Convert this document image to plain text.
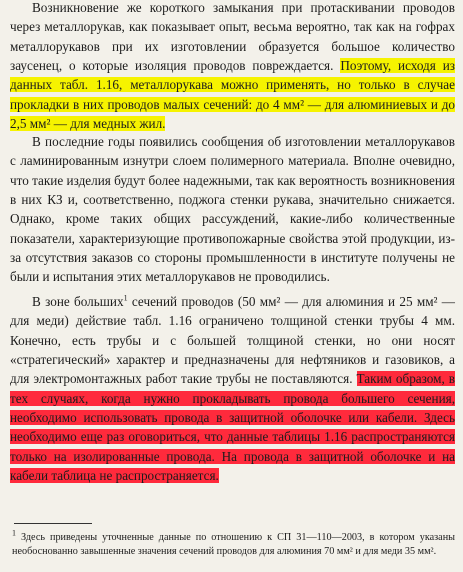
Возникновение же короткого замыкания при протаскивании проводов через металлорукав, как показывает опыт, весьма вероятно, так как на гофрах металлорукавов при их изготовлении образуется большое количество заусенец, о которые изоляция проводов повреждается. Поэтому, исходя из данных табл. 1.16, металлорукава можно применять, но только в случае прокладки в них проводов малых сечений: до 4 мм² — для алюминиевых и до 2,5 мм² — для медных жил.

В последние годы появились сообщения об изготовлении металлорукавов с ламинированным изнутри слоем полимерного материала. Вполне очевидно, что такие изделия будут более надежными, так как вероятность возникновения в них КЗ и, соответственно, поджога стенки рукава, значительно снижается. Однако, кроме таких общих рассуждений, какие-либо количественные показатели, характеризующие противопожарные свойства этой продукции, из-за отсутствия заказов со стороны промышленности в институте получены не были и испытания этих металлорукавов не проводились.

В зоне больших$^1$ сечений проводов (50 мм² — для алюминия и 25 мм² — для меди) действие табл. 1.16 ограничено толщиной стенки трубы 4 мм. Конечно, есть трубы и с большей толщиной стенки, но они носят «стратегический» характер и предназначены для нефтяников и газовиков, а для электромонтажных работ такие трубы не поставляются. Таким образом, в тех случаях, когда нужно прокладывать провода большего сечения, необходимо использовать провода в защитной оболочке или кабели. Здесь необходимо еще раз оговориться, что данные таблицы 1.16 распространяются только на изолированные провода. На провода в защитной оболочке и на кабели таблица не распространяется.

$^1$ Здесь приведены уточненные данные по отношению к СП 31—110—2003, в котором указаны необоснованно завышенные значения сечений проводов для алюминия 70 мм² и для меди 35 мм².
